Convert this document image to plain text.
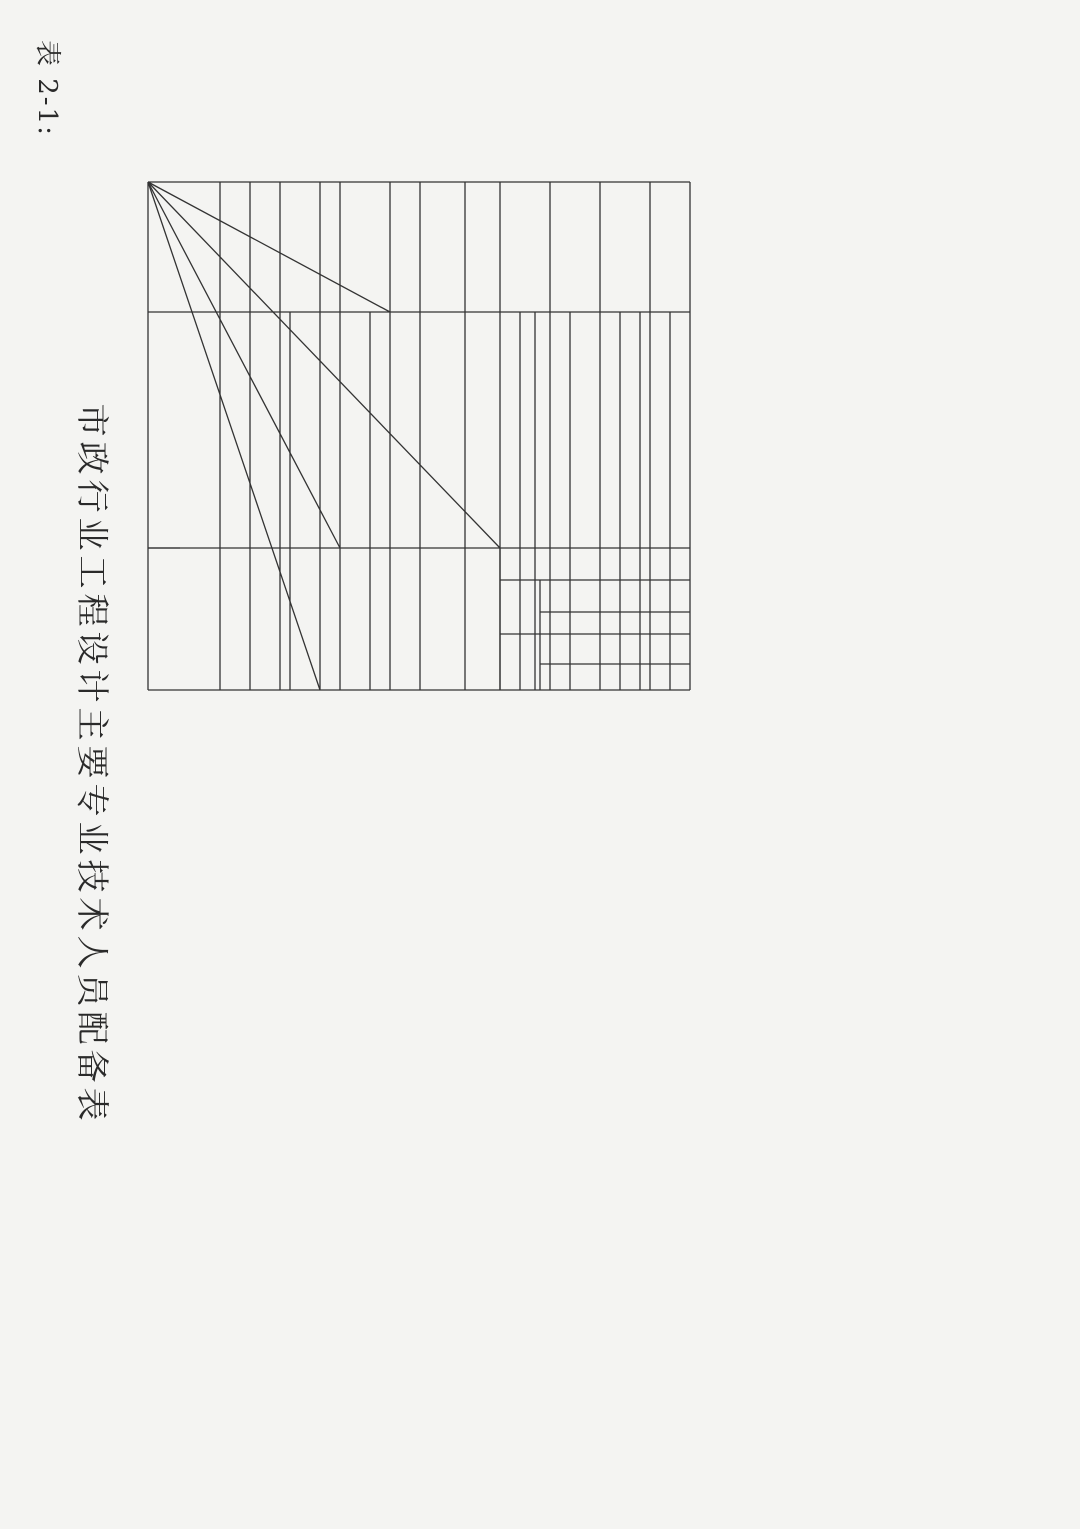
表 2-1:
市政行业工程设计主要专业技术人员配备表
